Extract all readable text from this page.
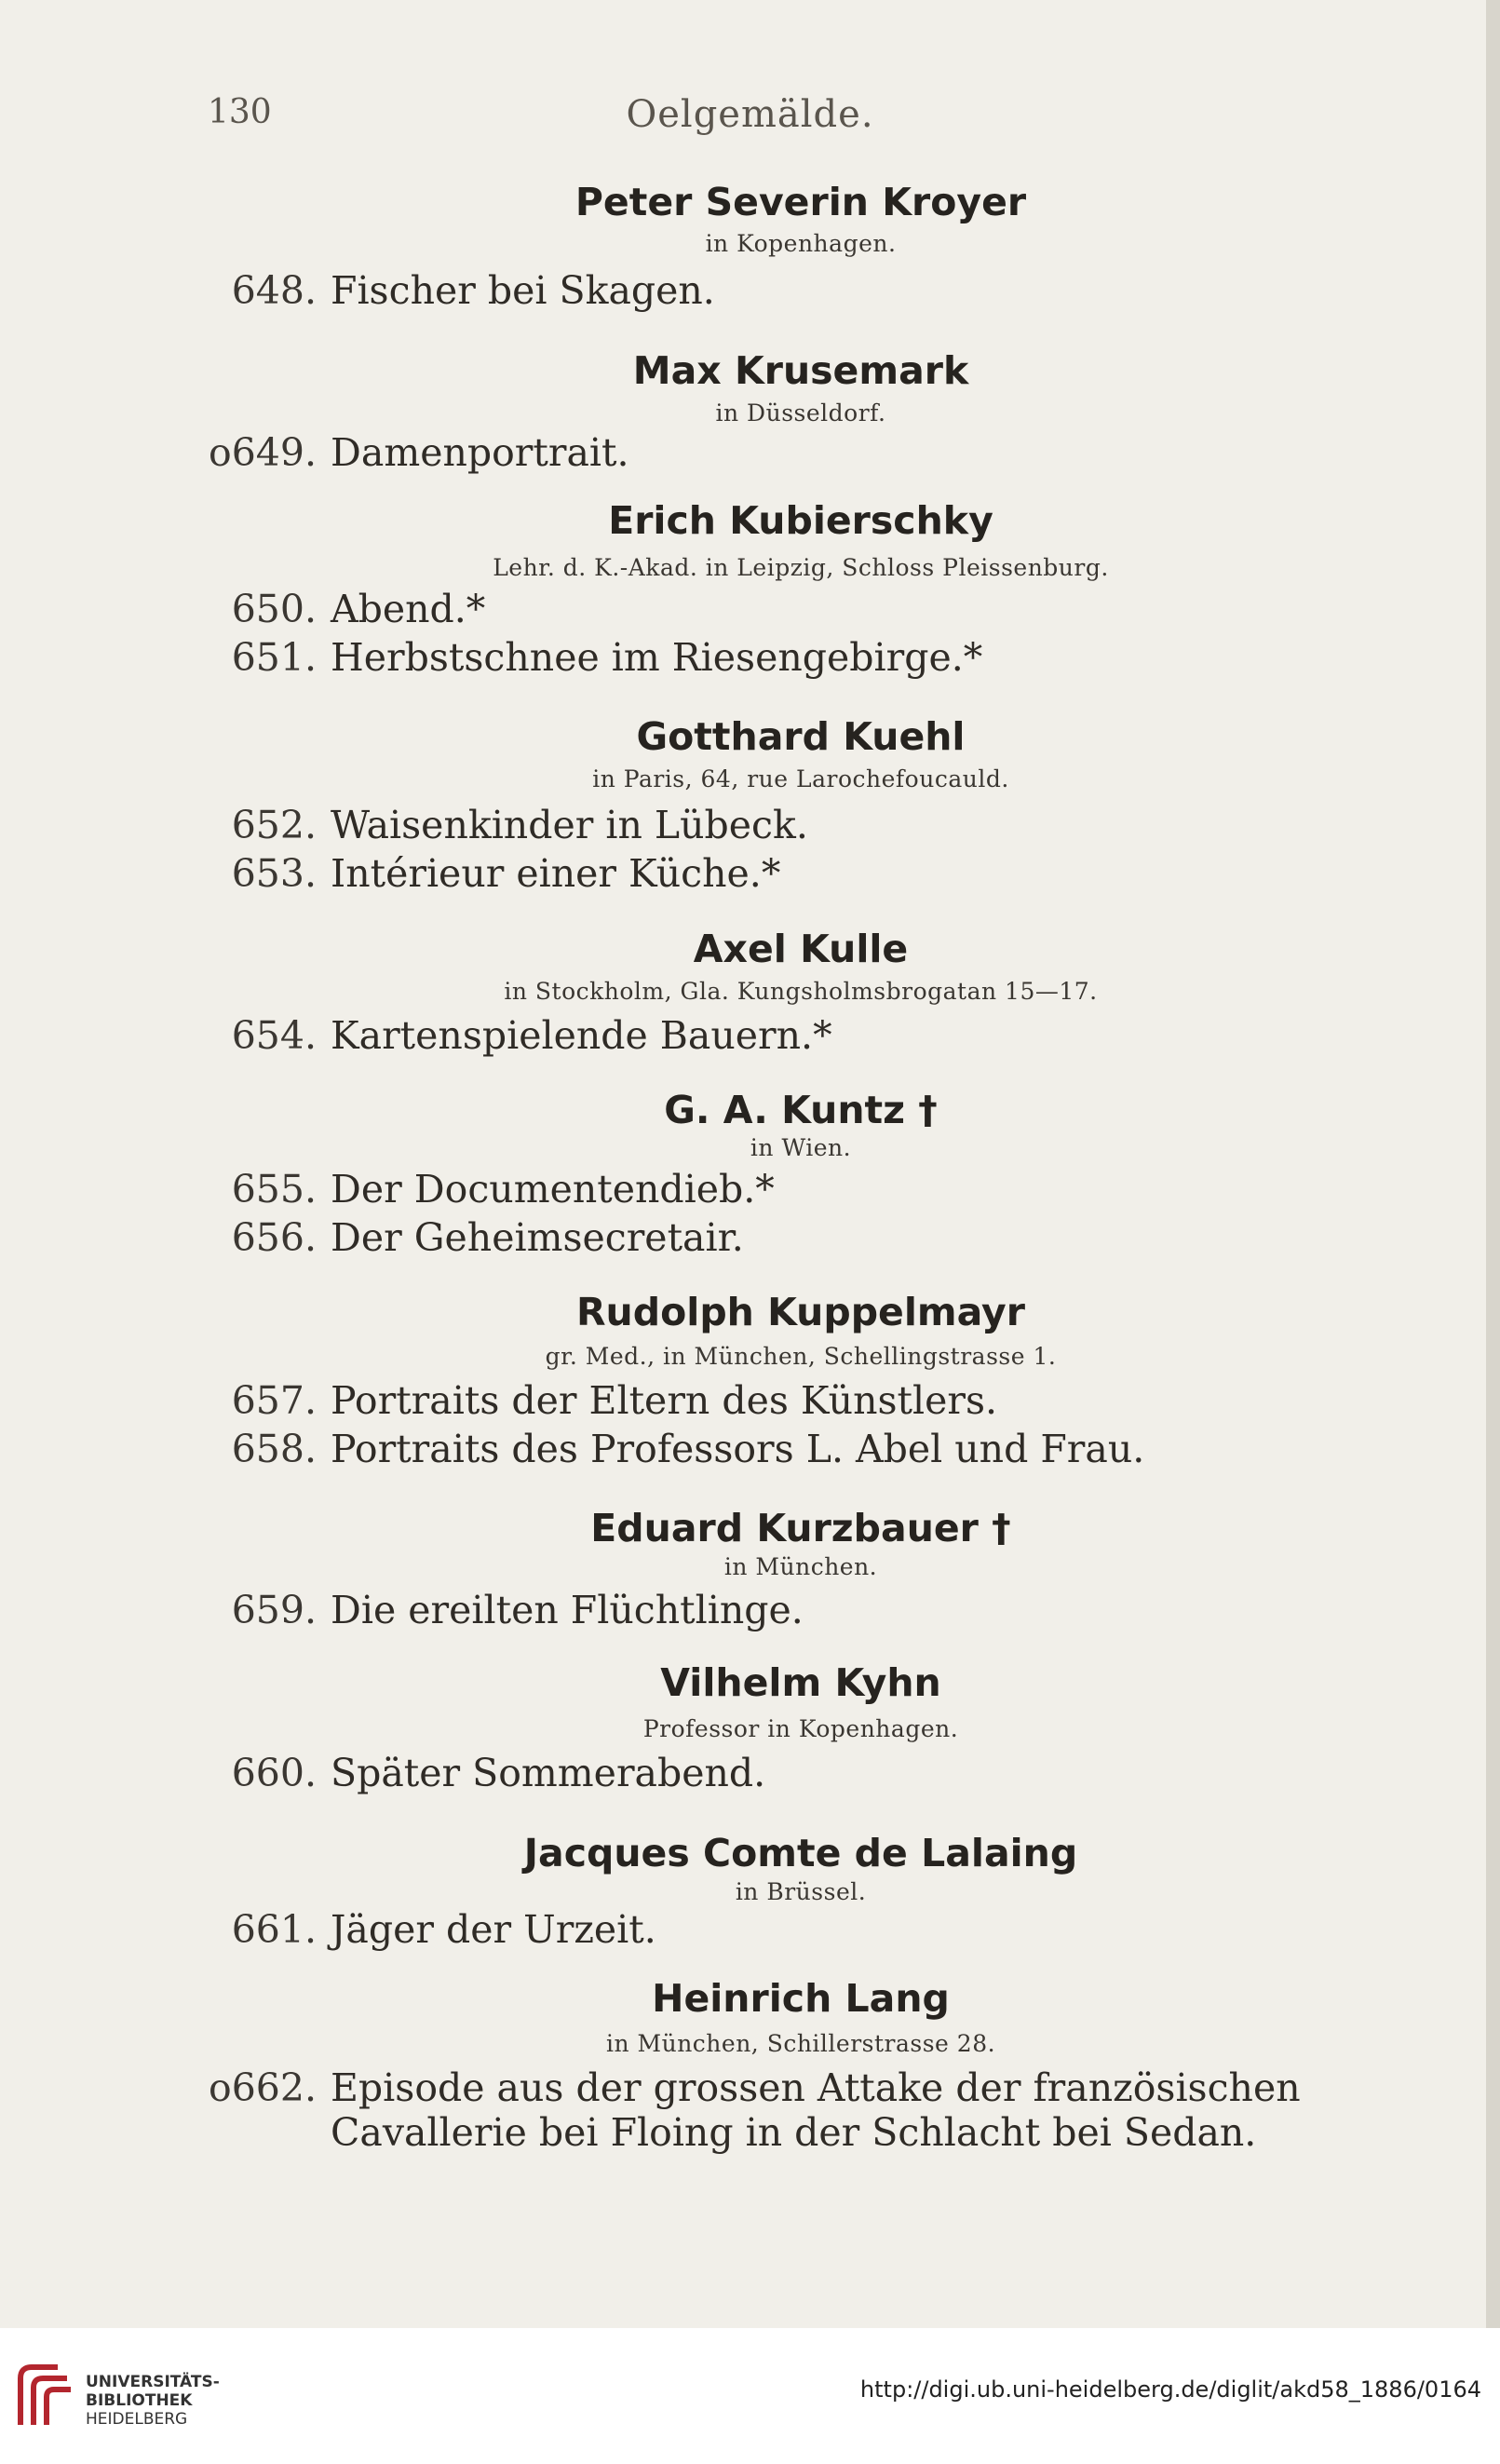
130	Oelgemälde.
Peter Severin Kroyer
in Kopenhagen.
648. Fischer bei Skagen.
Max Krusemark
in Düsseldorf.
o649. Damenportrait.
Erich Kubierschky
Lehr. d. K.-Akad. in Leipzig, Schloss Pleissenburg.
650. Abend.*
651. Herbstschnee im Riesengebirge.*
Gotthard Kuehl
in Paris, 64, rue Larochefoucauld.
652. Waisenkinder in Lübeck.
653. Intérieur einer Küche.*
Axel Kulle
in Stockholm, Gla. Kungsholmsbrogatan 15—17.
654. Kartenspielende Bauern.*
G. A. Kuntz †
in Wien.
655. Der Documentendieb.*
656. Der Geheimsecretair.
Rudolph Kuppelmayr
gr. Med., in München, Schellingstrasse 1.
657. Portraits der Eltern des Künstlers.
658. Portraits des Professors L. Abel und Frau.
Eduard Kurzbauer †
in München.
659. Die ereilten Flüchtlinge.
Vilhelm Kyhn
Professor in Kopenhagen.
660. Später Sommerabend.
Jacques Comte de Lalaing
in Brüssel.
661. Jäger der Urzeit.
Heinrich Lang
in München, Schillerstrasse 28.
o662. Episode aus der grossen Attake der französischen
Cavallerie bei Floing in der Schlacht bei Sedan.
UNIVERSITÄTS-
BIBLIOTHEK
HEIDELBERG
http://digi.ub.uni-heidelberg.de/diglit/akd58_1886/0164
